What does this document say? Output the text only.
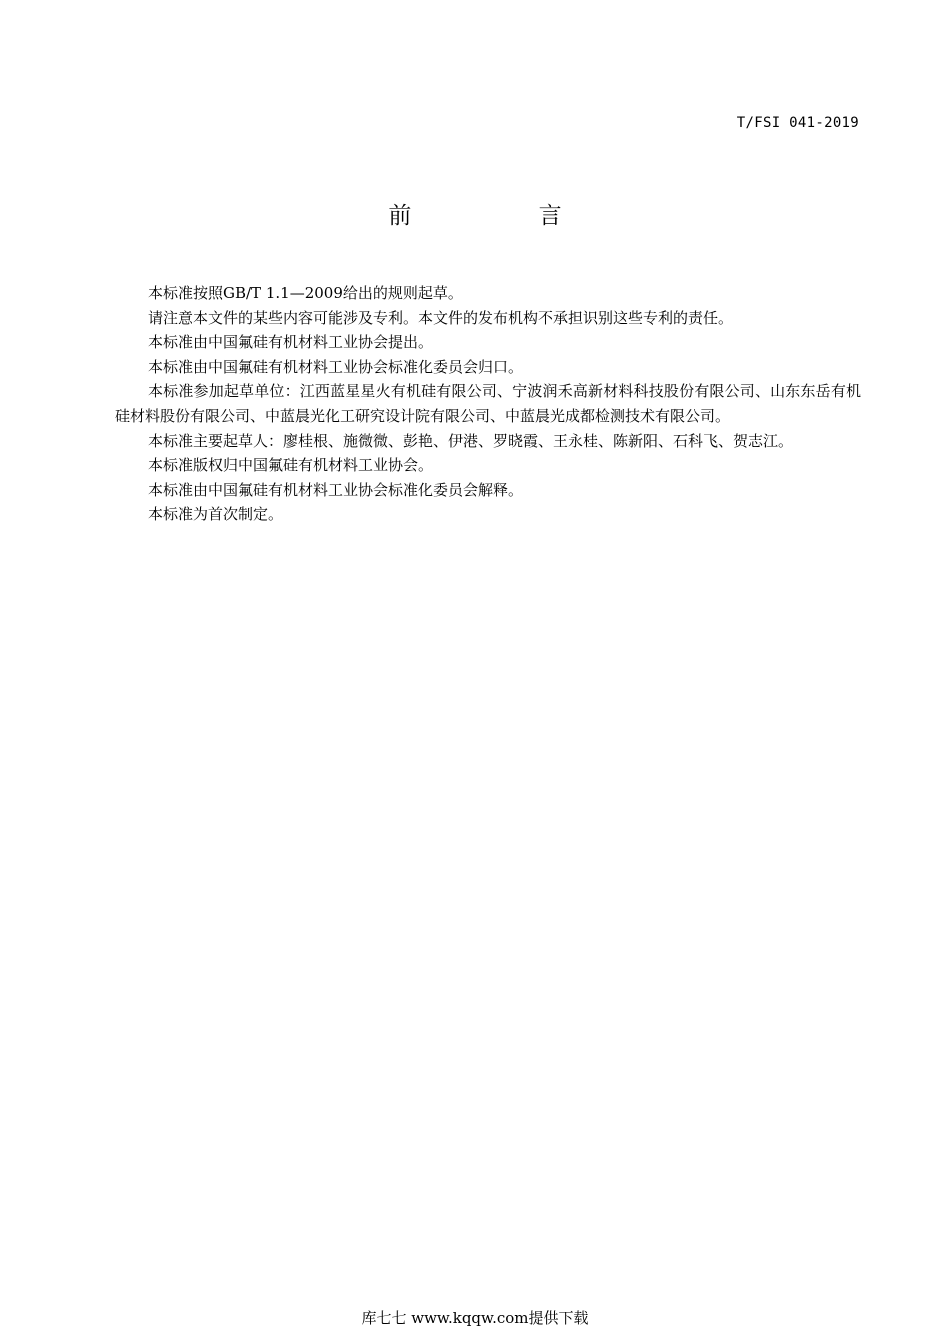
T/FSI 041-2019
前 言

本标准按照GB/T 1.1—2009给出的规则起草。

请注意本文件的某些内容可能涉及专利。本文件的发布机构不承担识别这些专利的责任。

本标准由中国氟硅有机材料工业协会提出。

本标准由中国氟硅有机材料工业协会标准化委员会归口。

本标准参加起草单位：江西蓝星星火有机硅有限公司、宁波润禾高新材料科技股份有限公司、山东东岳有机硅材料股份有限公司、中蓝晨光化工研究设计院有限公司、中蓝晨光成都检测技术有限公司。

本标准主要起草人：廖桂根、施微微、彭艳、伊港、罗晓霞、王永桂、陈新阳、石科飞、贺志江。

本标准版权归中国氟硅有机材料工业协会。

本标准由中国氟硅有机材料工业协会标准化委员会解释。

本标准为首次制定。

库七七 www.kqqw.com提供下载
